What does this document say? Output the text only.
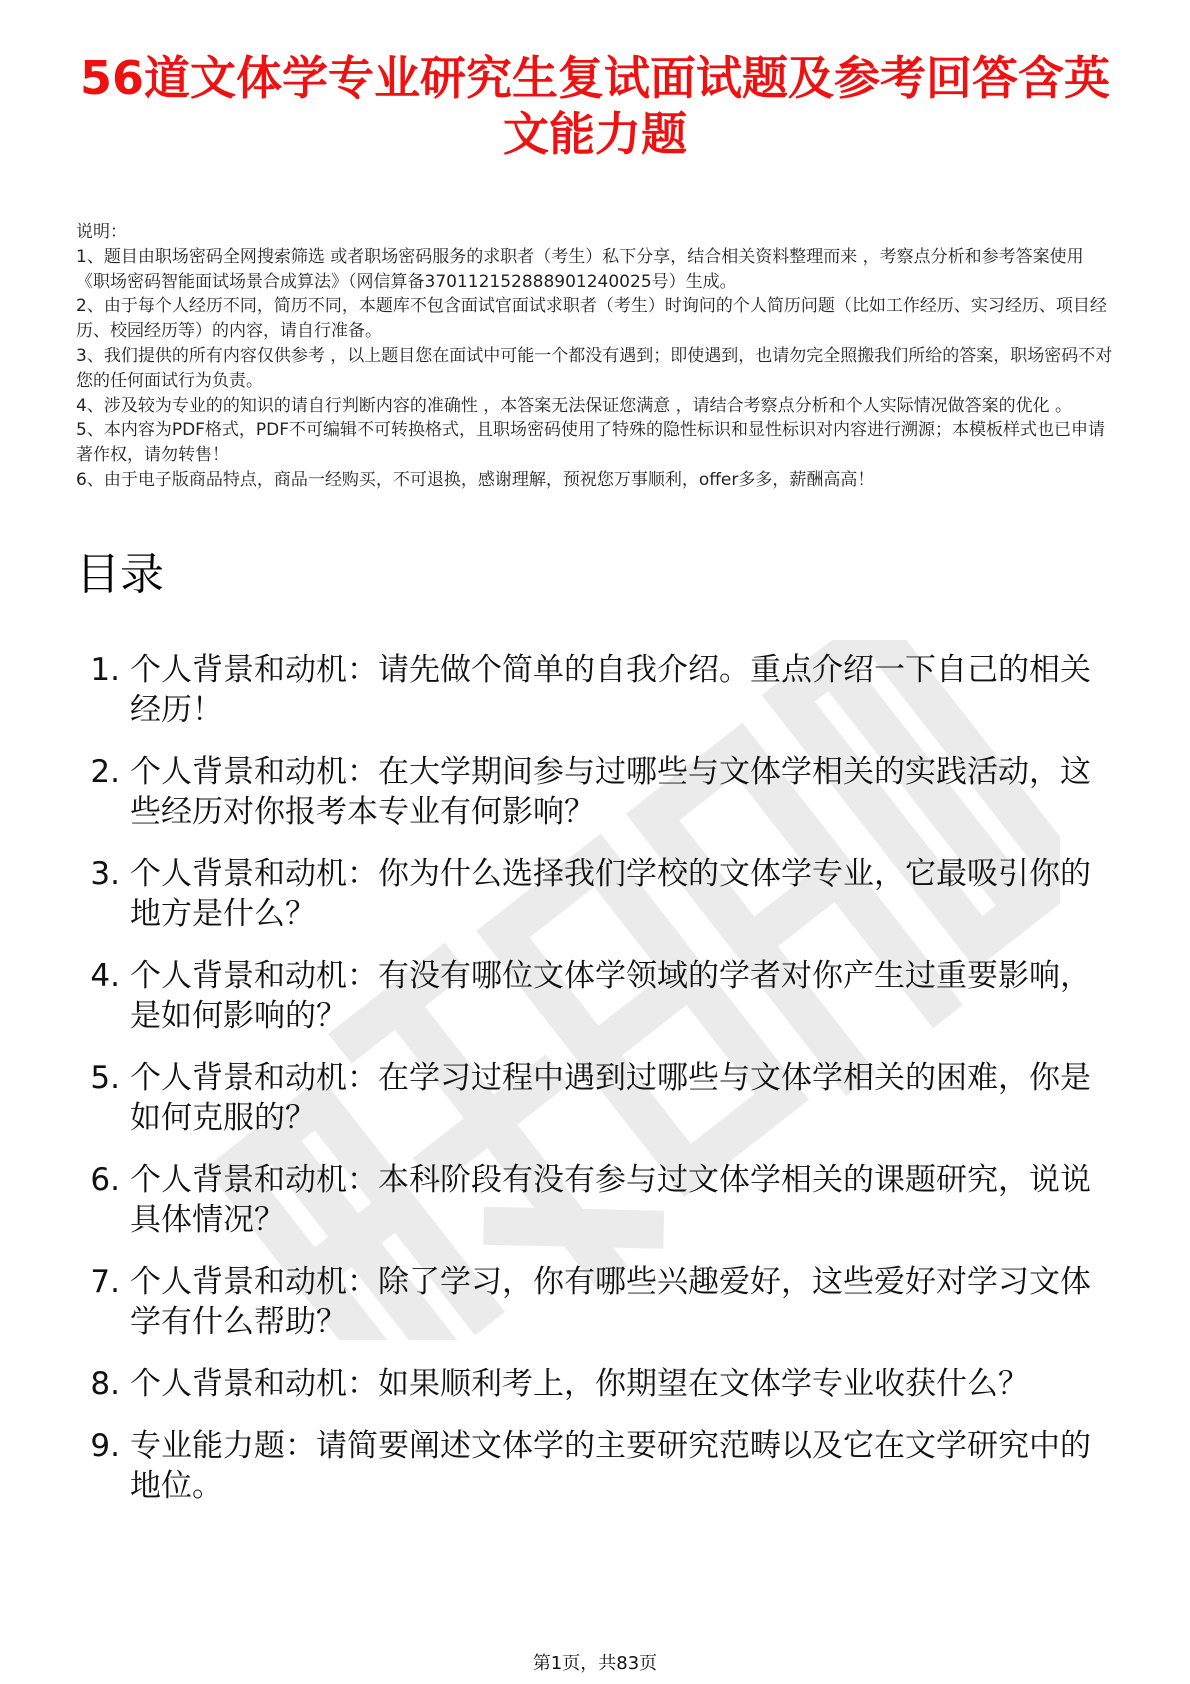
56道文体学专业研究生复试面试题及参考回答含英文能力题

说明：

1、题目由职场密码全网搜索筛选 或者职场密码服务的求职者（考生）私下分享，结合相关资料整理而来 ，考察点分析和参考答案使用《职场密码智能面试场景合成算法》（网信算备370112152888901240025号）生成。

2、由于每个人经历不同，简历不同，本题库不包含面试官面试求职者（考生）时询问的个人简历问题（比如工作经历、实习经历、项目经历、校园经历等）的内容，请自行准备。

3、我们提供的所有内容仅供参考 ，以上题目您在面试中可能一个都没有遇到；即使遇到，也请勿完全照搬我们所给的答案，职场密码不对您的任何面试行为负责。

4、涉及较为专业的的知识的请自行判断内容的准确性 ，本答案无法保证您满意 ，请结合考察点分析和个人实际情况做答案的优化 。

5、本内容为PDF格式，PDF不可编辑不可转换格式，且职场密码使用了特殊的隐性标识和显性标识对内容进行溯源；本模板样式也已申请著作权，请勿转售！

6、由于电子版商品特点，商品一经购买，不可退换，感谢理解，预祝您万事顺利，offer多多，薪酬高高！

目录
1. 个人背景和动机：请先做个简单的自我介绍。重点介绍一下自己的相关经历！
2. 个人背景和动机：在大学期间参与过哪些与文体学相关的实践活动，这些经历对你报考本专业有何影响？
3. 个人背景和动机：你为什么选择我们学校的文体学专业，它最吸引你的地方是什么？
4. 个人背景和动机：有没有哪位文体学领域的学者对你产生过重要影响，是如何影响的？
5. 个人背景和动机：在学习过程中遇到过哪些与文体学相关的困难，你是如何克服的？
6. 个人背景和动机：本科阶段有没有参与过文体学相关的课题研究，说说具体情况？
7. 个人背景和动机：除了学习，你有哪些兴趣爱好，这些爱好对学习文体学有什么帮助？
8. 个人背景和动机：如果顺利考上，你期望在文体学专业收获什么？
9. 专业能力题：请简要阐述文体学的主要研究范畴以及它在文学研究中的地位。
第1页，共83页
